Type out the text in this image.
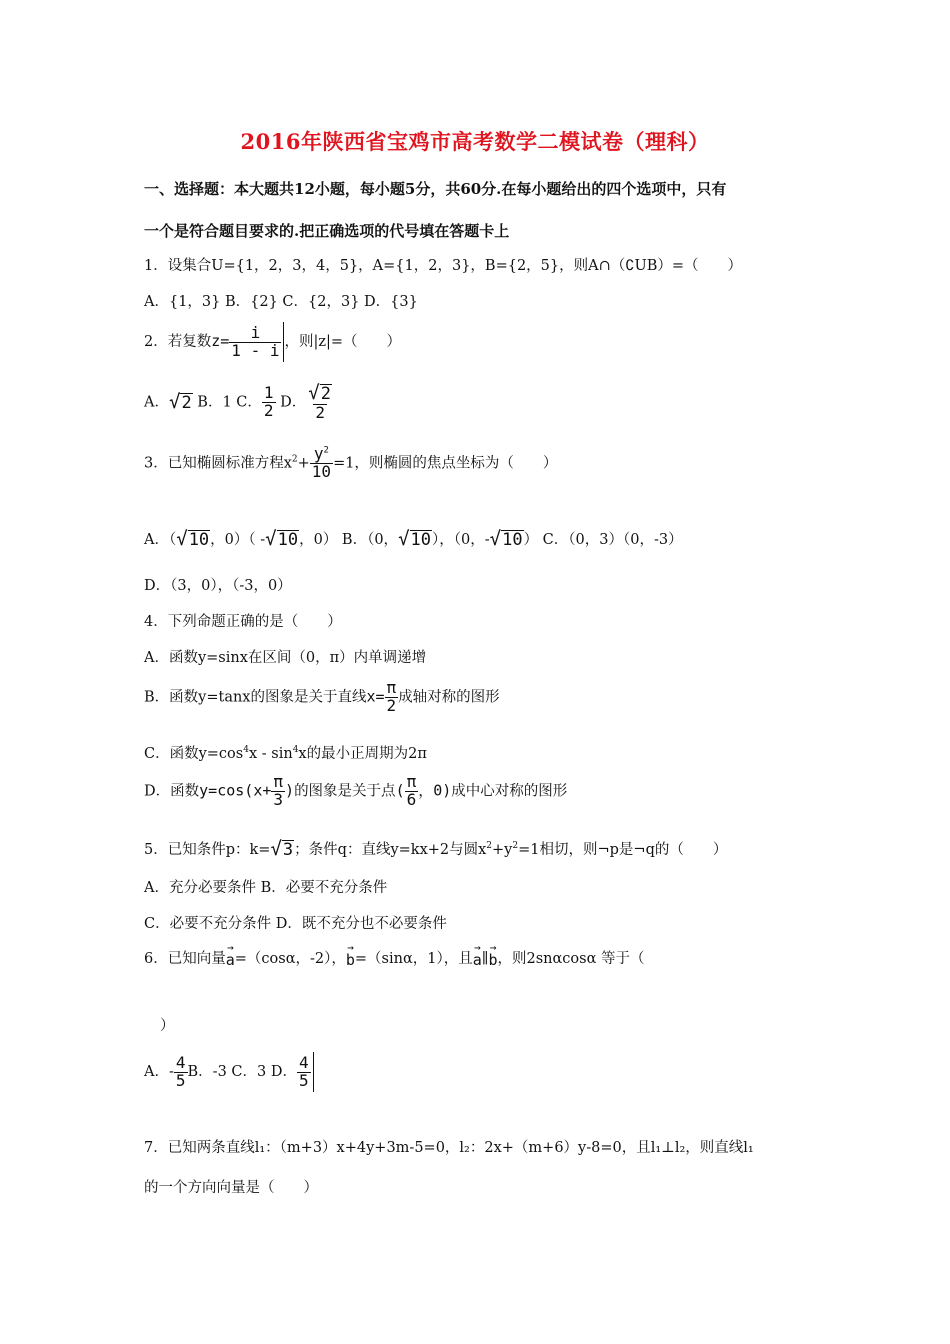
2016年陕西省宝鸡市高考数学二模试卷（理科）
一、选择题：本大题共12小题，每小题5分，共60分.在每小题给出的四个选项中，只有
一个是符合题目要求的.把正确选项的代号填在答题卡上
1．设集合U={1，2，3，4，5}，A={1，2，3}，B={2，5}，则A∩（∁UB）=（　　）
A．{1，3} B．{2} C．{2，3} D．{3}
2．若复数$z= \frac{i}{1 - i}$ ，则|z|=（　　）
A． √ 2 B．1 C． $\frac{1}{2}$ D． $\frac{√ 2}{2}$
3．已知椭圆标准方程$x^2+ \frac{y^2}{10} =1$，则椭圆的焦点坐标为（　　）
A．（ √ 10 ，0）（ - √ 10 ，0） B．（0， √ 10 ），（0，- √ 10 ） C．（0，3）（0，-3）
D．（3，0），（-3，0）
4．下列命题正确的是（　　）
A．函数y=sinx在区间（0，π）内单调递增
B．函数y=tanx的图象是关于直线$x= \frac{\pi}{2}$ 成轴对称的图形
C．函数$y=\cos^4x - \sin^4x$的最小正周期为2π
D．函数$y=\cos(x+ \frac{\pi}{3}$ )的图象是关于点( $\frac{\pi}{6}$ ，0)成中心对称的图形
5．已知条件p：k= √ 3 ；条件q：直线y=kx+2与圆$x^2+y^2=1$相切，则¬p是¬q的（　　）
A．充分必要条件 B．必要不充分条件
C．必要不充分条件 D．既不充分也不必要条件
6．已知向量
→
a =（cosα，-2），
→
b =（sinα，1），且
→
a ∥
→
b ，则2snαcosα 等于（
）
A．- $\frac{4}{5}$ B．-3 C．3 D． $\frac{4}{5}$
7．已知两条直线l₁：（m+3）x+4y+3m-5=0，l₂：2x+（m+6）y-8=0，且l₁⊥l₂，则直线l₁
的一个方向向量是（　　）
